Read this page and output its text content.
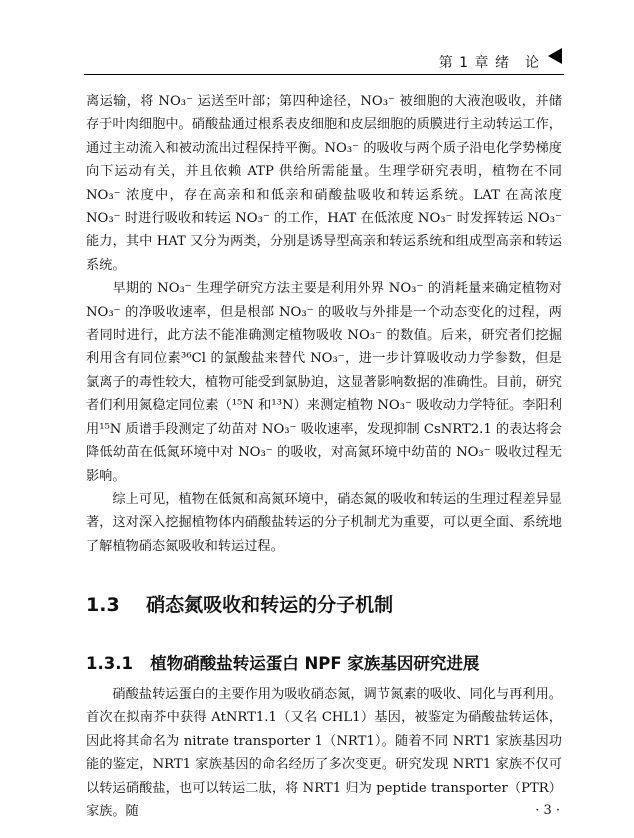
第 1 章 绪　论

离运输，将 NO₃⁻ 运送至叶部；第四种途径，NO₃⁻ 被细胞的大液泡吸收，并储存于叶肉细胞中。硝酸盐通过根系表皮细胞和皮层细胞的质膜进行主动转运工作，通过主动流入和被动流出过程保持平衡。NO₃⁻ 的吸收与两个质子沿电化学势梯度向下运动有关，并且依赖 ATP 供给所需能量。生理学研究表明，植物在不同 NO₃⁻ 浓度中，存在高亲和和低亲和硝酸盐吸收和转运系统。LAT 在高浓度 NO₃⁻ 时进行吸收和转运 NO₃⁻ 的工作，HAT 在低浓度 NO₃⁻ 时发挥转运 NO₃⁻ 能力，其中 HAT 又分为两类，分别是诱导型高亲和转运系统和组成型高亲和转运系统。

早期的 NO₃⁻ 生理学研究方法主要是利用外界 NO₃⁻ 的消耗量来确定植物对 NO₃⁻ 的净吸收速率，但是根部 NO₃⁻ 的吸收与外排是一个动态变化的过程，两者同时进行，此方法不能准确测定植物吸收 NO₃⁻ 的数值。后来，研究者们挖掘利用含有同位素³⁶Cl 的氯酸盐来替代 NO₃⁻，进一步计算吸收动力学参数，但是氯离子的毒性较大，植物可能受到氯胁迫，这显著影响数据的准确性。目前，研究者们利用氮稳定同位素（¹⁵N 和¹³N）来测定植物 NO₃⁻ 吸收动力学特征。李阳利用¹⁵N 质谱手段测定了幼苗对 NO₃⁻ 吸收速率，发现抑制 CsNRT2.1 的表达将会降低幼苗在低氮环境中对 NO₃⁻ 的吸收，对高氮环境中幼苗的 NO₃⁻ 吸收过程无影响。

综上可见，植物在低氮和高氮环境中，硝态氮的吸收和转运的生理过程差异显著，这对深入挖掘植物体内硝酸盐转运的分子机制尤为重要，可以更全面、系统地了解植物硝态氮吸收和转运过程。

1.3 硝态氮吸收和转运的分子机制
1.3.1 植物硝酸盐转运蛋白 NPF 家族基因研究进展

硝酸盐转运蛋白的主要作用为吸收硝态氮，调节氮素的吸收、同化与再利用。首次在拟南芥中获得 AtNRT1.1（又名 CHL1）基因，被鉴定为硝酸盐转运体，因此将其命名为 nitrate transporter 1（NRT1）。随着不同 NRT1 家族基因功能的鉴定，NRT1 家族基因的命名经历了多次变更。研究发现 NRT1 家族不仅可以转运硝酸盐，也可以转运二肽，将 NRT1 归为 peptide transporter（PTR）家族。随	· 3 ·
